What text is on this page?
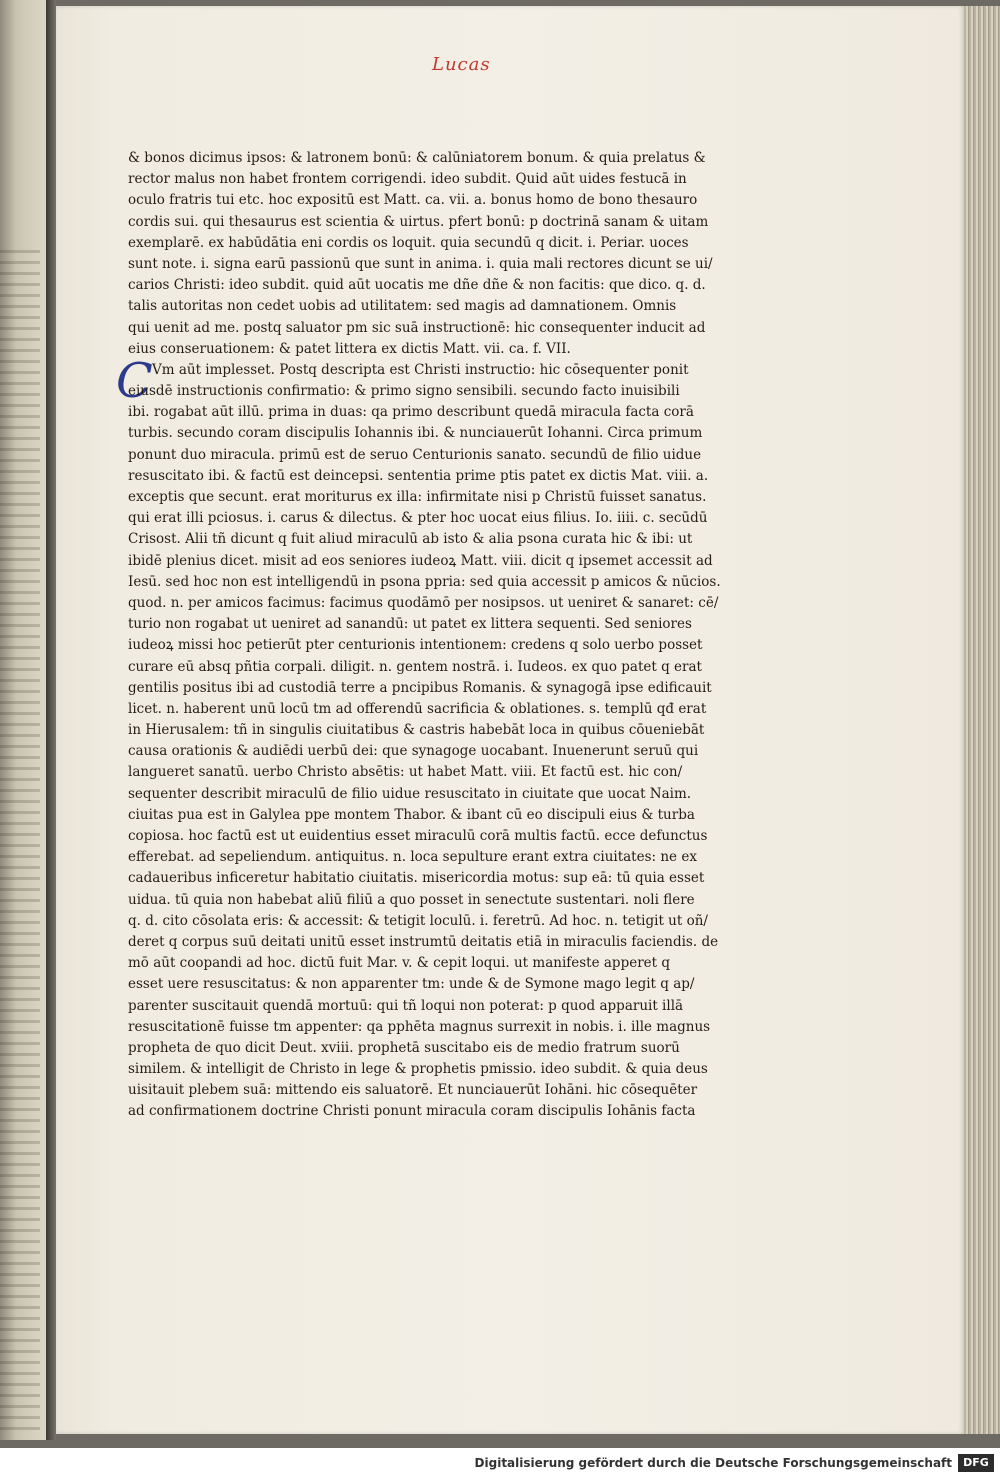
Lucas
C
& bonos dicimus ipsos: & latronem bonū: & calūniatorem bonum. & quia prelatus &
rector malus non habet frontem corrigendi. ideo subdit. Quid aūt uides festucā in
oculo fratris tui etc. hoc expositū est Matt. ca. vii. a. bonus homo de bono thesauro
cordis sui. qui thesaurus est scientia & uirtus. pfert bonū: p doctrinā sanam & uitam
exemplarē. ex habūdātia eni cordis os loquit. quia secundū q dicit. i. Periar. uoces
sunt note. i. signa earū passionū que sunt in anima. i. quia mali rectores dicunt se ui/
carios Christi: ideo subdit. quid aūt uocatis me dñe dñe & non facitis: que dico. q. d.
talis autoritas non cedet uobis ad utilitatem: sed magis ad damnationem. Omnis
qui uenit ad me. postq saluator pm sic suā instructionē: hic consequenter inducit ad
eius conseruationem: & patet littera ex dictis Matt. vii. ca. f. VII.
Vm aūt implesset. Postq descripta est Christi instructio: hic cōsequenter ponit
eiusdē instructionis confirmatio: & primo signo sensibili. secundo facto inuisibili
ibi. rogabat aūt illū. prima in duas: qa primo describunt quedā miracula facta corā
turbis. secundo coram discipulis Iohannis ibi. & nunciauerūt Iohanni. Circa primum
ponunt duo miracula. primū est de seruo Centurionis sanato. secundū de filio uidue
resuscitato ibi. & factū est deincepsi. sententia prime ptis patet ex dictis Mat. viii. a.
exceptis que secunt. erat moriturus ex illa: infirmitate nisi p Christū fuisset sanatus.
qui erat illi pciosus. i. carus & dilectus. & pter hoc uocat eius filius. Io. iiii. c. secūdū
Crisost. Alii tñ dicunt q fuit aliud miraculū ab isto & alia psona curata hic & ibi: ut
ibidē plenius dicet. misit ad eos seniores iudeoꝝ Matt. viii. dicit q ipsemet accessit ad
Iesū. sed hoc non est intelligendū in psona ppria: sed quia accessit p amicos & nūcios.
quod. n. per amicos facimus: facimus quodāmō per nosipsos. ut ueniret & sanaret: cē/
turio non rogabat ut ueniret ad sanandū: ut patet ex littera sequenti. Sed seniores
iudeoꝝ missi hoc petierūt pter centurionis intentionem: credens q solo uerbo posset
curare eū absq pñtia corpali. diligit. n. gentem nostrā. i. Iudeos. ex quo patet q erat
gentilis positus ibi ad custodiā terre a pncipibus Romanis. & synagogā ipse edificauit
licet. n. haberent unū locū tm ad offerendū sacrificia & oblationes. s. templū qđ erat
in Hierusalem: tñ in singulis ciuitatibus & castris habebāt loca in quibus cōueniebāt
causa orationis & audiēdi uerbū dei: que synagoge uocabant. Inuenerunt seruū qui
langueret sanatū. uerbo Christo absētis: ut habet Matt. viii. Et factū est. hic con/
sequenter describit miraculū de filio uidue resuscitato in ciuitate que uocat Naim.
ciuitas pua est in Galylea ppe montem Thabor. & ibant cū eo discipuli eius & turba
copiosa. hoc factū est ut euidentius esset miraculū corā multis factū. ecce defunctus
efferebat. ad sepeliendum. antiquitus. n. loca sepulture erant extra ciuitates: ne ex
cadaueribus inficeretur habitatio ciuitatis. misericordia motus: sup eā: tū quia esset
uidua. tū quia non habebat aliū filiū a quo posset in senectute sustentari. noli flere
q. d. cito cōsolata eris: & accessit: & tetigit loculū. i. feretrū. Ad hoc. n. tetigit ut oñ/
deret q corpus suū deitati unitū esset instrumtū deitatis etiā in miraculis faciendis. de
mō aūt coopandi ad hoc. dictū fuit Mar. v. & cepit loqui. ut manifeste apperet q
esset uere resuscitatus: & non apparenter tm: unde & de Symone mago legit q ap/
parenter suscitauit quendā mortuū: qui tñ loqui non poterat: p quod apparuit illā
resuscitationē fuisse tm appenter: qa pphēta magnus surrexit in nobis. i. ille magnus
propheta de quo dicit Deut. xviii. prophetā suscitabo eis de medio fratrum suorū
similem. & intelligit de Christo in lege & prophetis pmissio. ideo subdit. & quia deus
uisitauit plebem suā: mittendo eis saluatorē. Et nunciauerūt Iohāni. hic cōsequēter
ad confirmationem doctrine Christi ponunt miracula coram discipulis Iohānis facta
Digitalisierung gefördert durch die Deutsche Forschungsgemeinschaft	DFG
